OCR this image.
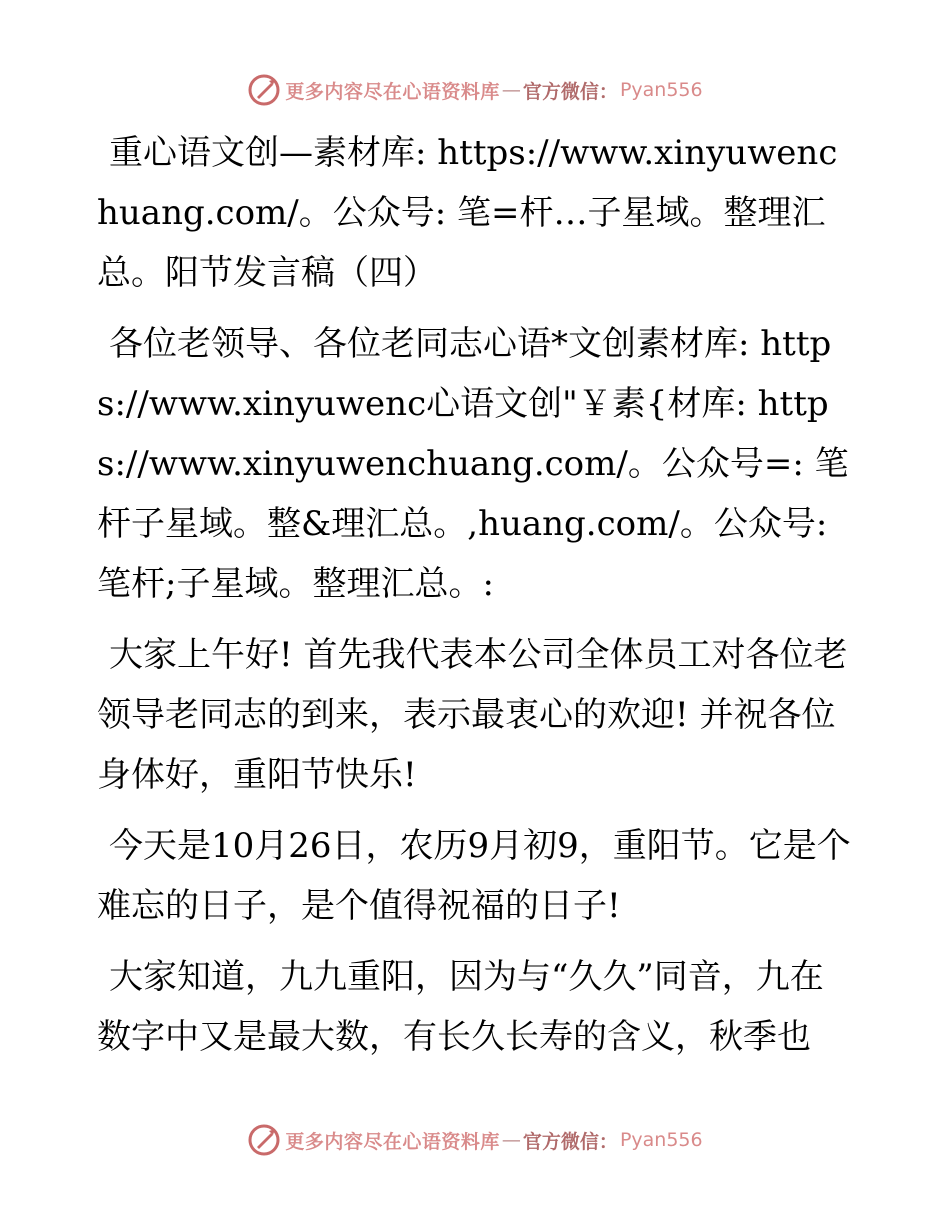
更多内容尽在心语资料库 — 官方微信： Pyan556

重心语文创—素材库: https://www.xinyuwenchuang.com/。公众号: 笔=杆…子星域。整理汇总。阳节发言稿（四）

各位老领导、各位老同志心语*文创素材库: https://www.xinyuwenc心语文创"￥素{材库: https://www.xinyuwenchuang.com/。公众号=: 笔杆子星域。整&理汇总。,huang.com/。公众号: 笔杆;子星域。整理汇总。:

大家上午好! 首先我代表本公司全体员工对各位老领导老同志的到来，表示最衷心的欢迎! 并祝各位身体好，重阳节快乐!

今天是10月26日，农历9月初9，重阳节。它是个难忘的日子，是个值得祝福的日子!

大家知道，九九重阳，因为与“久久”同音，九在数字中又是最大数，有长久长寿的含义，秋季也

更多内容尽在心语资料库 — 官方微信： Pyan556
